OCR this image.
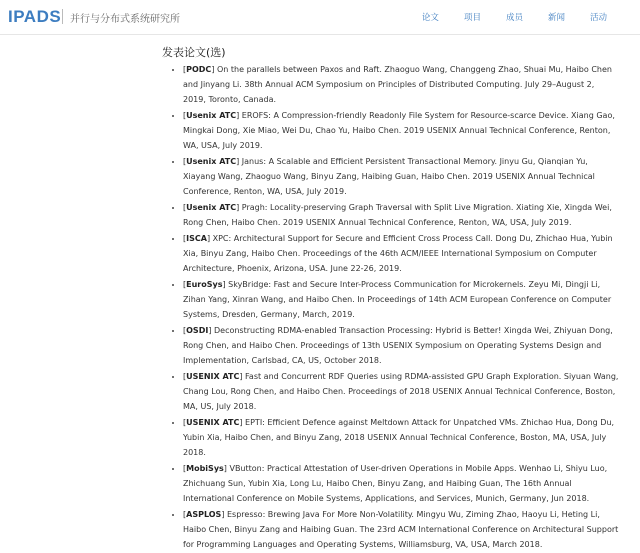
IPADS 并行与分布式系统研究所	论文	项目	成员	新闻	活动
发表论文(选)
• [PODC] On the parallels between Paxos and Raft. Zhaoguo Wang, Changgeng Zhao, Shuai Mu, Haibo Chen and Jinyang Li. 38th Annual ACM Symposium on Principles of Distributed Computing. July 29–August 2, 2019, Toronto, Canada.
• [Usenix ATC] EROFS: A Compression-friendly Readonly File System for Resource-scarce Device. Xiang Gao, Mingkai Dong, Xie Miao, Wei Du, Chao Yu, Haibo Chen. 2019 USENIX Annual Technical Conference, Renton, WA, USA, July 2019.
• [Usenix ATC] Janus: A Scalable and Efficient Persistent Transactional Memory. Jinyu Gu, Qianqian Yu, Xiayang Wang, Zhaoguo Wang, Binyu Zang, Haibing Guan, Haibo Chen. 2019 USENIX Annual Technical Conference, Renton, WA, USA, July 2019.
• [Usenix ATC] Pragh: Locality-preserving Graph Traversal with Split Live Migration. Xiating Xie, Xingda Wei, Rong Chen, Haibo Chen. 2019 USENIX Annual Technical Conference, Renton, WA, USA, July 2019.
• [ISCA] XPC: Architectural Support for Secure and Efficient Cross Process Call. Dong Du, Zhichao Hua, Yubin Xia, Binyu Zang, Haibo Chen. Proceedings of the 46th ACM/IEEE International Symposium on Computer Architecture, Phoenix, Arizona, USA. June 22-26, 2019.
• [EuroSys] SkyBridge: Fast and Secure Inter-Process Communication for Microkernels. Zeyu Mi, Dingji Li, Zihan Yang, Xinran Wang, and Haibo Chen. In Proceedings of 14th ACM European Conference on Computer Systems, Dresden, Germany, March, 2019.
• [OSDI] Deconstructing RDMA-enabled Transaction Processing: Hybrid is Better! Xingda Wei, Zhiyuan Dong, Rong Chen, and Haibo Chen. Proceedings of 13th USENIX Symposium on Operating Systems Design and Implementation, Carlsbad, CA, US, October 2018.
• [USENIX ATC] Fast and Concurrent RDF Queries using RDMA-assisted GPU Graph Exploration. Siyuan Wang, Chang Lou, Rong Chen, and Haibo Chen. Proceedings of 2018 USENIX Annual Technical Conference, Boston, MA, US, July 2018.
• [USENIX ATC] EPTI: Efficient Defence against Meltdown Attack for Unpatched VMs. Zhichao Hua, Dong Du, Yubin Xia, Haibo Chen, and Binyu Zang, 2018 USENIX Annual Technical Conference, Boston, MA, USA, July 2018.
• [MobiSys] VButton: Practical Attestation of User-driven Operations in Mobile Apps. Wenhao Li, Shiyu Luo, Zhichuang Sun, Yubin Xia, Long Lu, Haibo Chen, Binyu Zang, and Haibing Guan, The 16th Annual International Conference on Mobile Systems, Applications, and Services, Munich, Germany, Jun 2018.
• [ASPLOS] Espresso: Brewing Java For More Non-Volatility. Mingyu Wu, Ziming Zhao, Haoyu Li, Heting Li, Haibo Chen, Binyu Zang and Haibing Guan. The 23rd ACM International Conference on Architectural Support for Programming Languages and Operating Systems, Williamsburg, VA, USA, March 2018.
